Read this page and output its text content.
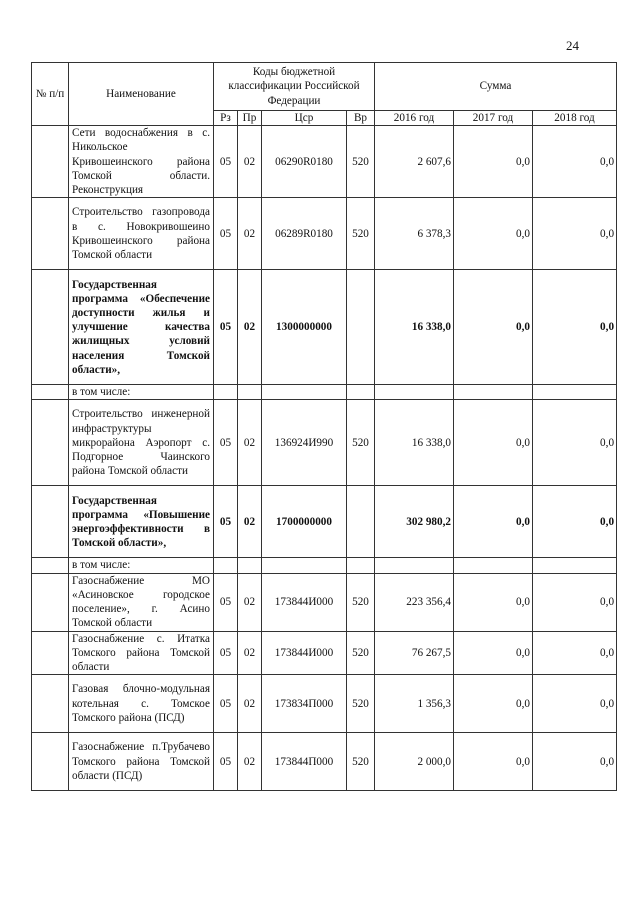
24
№ п/п	Наименование	Коды бюджетной классификации Российской Федерации				Сумма		
		Рз	Пр	Цср	Вр	2016 год	2017 год	2018 год
	Сети водоснабжения в с. Никольское Кривошеинского района Томской области. Реконструкция	05	02	06290R0180	520	2 607,6	0,0	0,0
	Строительство газопровода в с. Новокривошеино Кривошеинского района Томской области	05	02	06289R0180	520	6 378,3	0,0	0,0
	Государственная программа «Обеспечение доступности жилья и улучшение качества жилищных условий населения Томской области»,	05	02	1300000000		16 338,0	0,0	0,0
	в том числе:							
	Строительство инженерной инфраструктуры микрорайона Аэропорт с. Подгорное Чаинского района Томской области	05	02	136924И990	520	16 338,0	0,0	0,0
	Государственная программа «Повышение энергоэффективности в Томской области»,	05	02	1700000000		302 980,2	0,0	0,0
	в том числе:							
	Газоснабжение МО «Асиновское городское поселение», г. Асино Томской области	05	02	173844И000	520	223 356,4	0,0	0,0
	Газоснабжение с. Итатка Томского района Томской области	05	02	173844И000	520	76 267,5	0,0	0,0
	Газовая блочно-модульная котельная с. Томское Томского района (ПСД)	05	02	173834П000	520	1 356,3	0,0	0,0
	Газоснабжение п.Трубачево Томского района Томской области (ПСД)	05	02	173844П000	520	2 000,0	0,0	0,0
